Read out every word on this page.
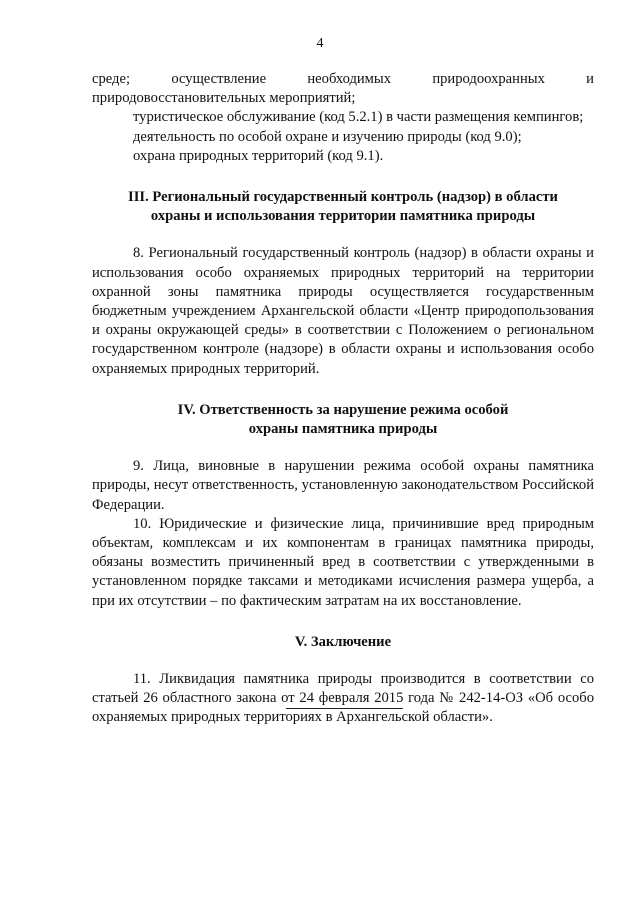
4

среде; осуществление необходимых природоохранных и природовосстановительных мероприятий;

туристическое обслуживание (код 5.2.1) в части размещения кемпингов;

деятельность по особой охране и изучению природы (код 9.0);

охрана природных территорий (код 9.1).

III. Региональный государственный контроль (надзор) в области

охраны и использования территории памятника природы

8. Региональный государственный контроль (надзор) в области охраны и использования особо охраняемых природных территорий на территории охранной зоны памятника природы осуществляется государственным бюджетным учреждением Архангельской области «Центр природопользования и охраны окружающей среды» в соответствии с Положением о региональном государственном контроле (надзоре) в области охраны и использования особо охраняемых природных территорий.

IV. Ответственность за нарушение режима особой

охраны памятника природы

9. Лица, виновные в нарушении режима особой охраны памятника природы, несут ответственность, установленную законодательством Российской Федерации.

10. Юридические и физические лица, причинившие вред природным объектам, комплексам и их компонентам в границах памятника природы, обязаны возместить причиненный вред в соответствии с утвержденными в установленном порядке таксами и методиками исчисления размера ущерба, а при их отсутствии – по фактическим затратам на их восстановление.

V. Заключение

11. Ликвидация памятника природы производится в соответствии со статьей 26 областного закона от 24 февраля 2015 года № 242-14-ОЗ «Об особо охраняемых природных территориях в Архангельской области».
